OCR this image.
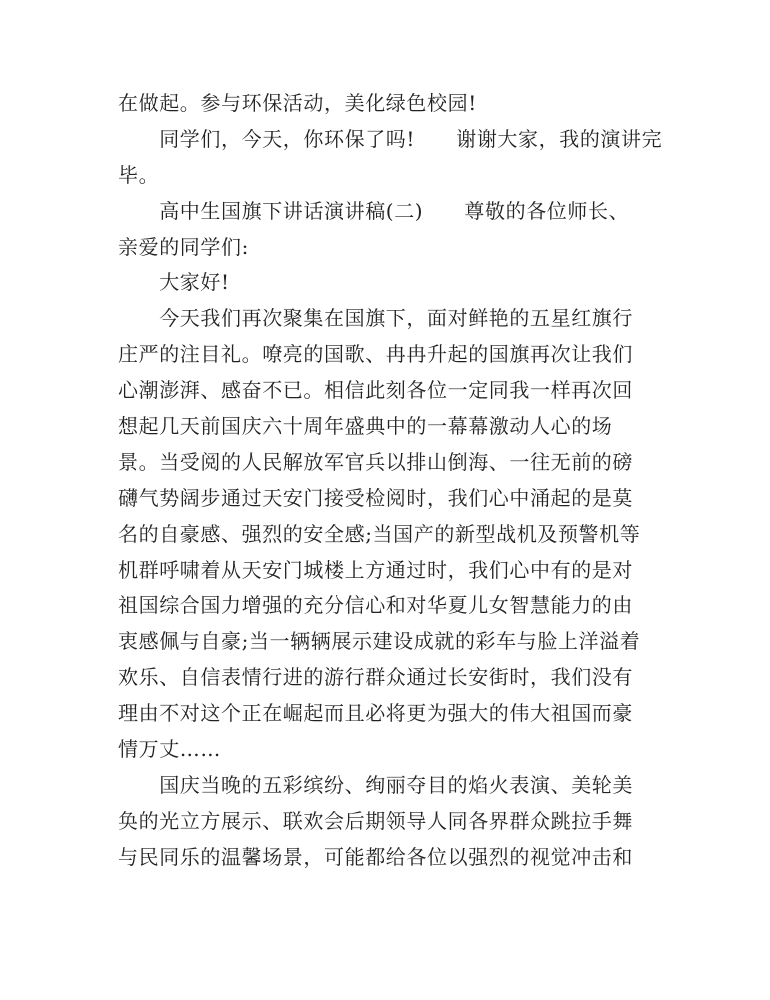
在做起。参与环保活动，美化绿色校园!
　　同学们，今天，你环保了吗!　　谢谢大家，我的演讲完
毕。
　　高中生国旗下讲话演讲稿(二)　　尊敬的各位师长、
亲爱的同学们:
　　大家好!
　　今天我们再次聚集在国旗下，面对鲜艳的五星红旗行
庄严的注目礼。嘹亮的国歌、冉冉升起的国旗再次让我们
心潮澎湃、感奋不已。相信此刻各位一定同我一样再次回
想起几天前国庆六十周年盛典中的一幕幕激动人心的场
景。当受阅的人民解放军官兵以排山倒海、一往无前的磅
礴气势阔步通过天安门接受检阅时，我们心中涌起的是莫
名的自豪感、强烈的安全感;当国产的新型战机及预警机等
机群呼啸着从天安门城楼上方通过时，我们心中有的是对
祖国综合国力增强的充分信心和对华夏儿女智慧能力的由
衷感佩与自豪;当一辆辆展示建设成就的彩车与脸上洋溢着
欢乐、自信表情行进的游行群众通过长安街时，我们没有
理由不对这个正在崛起而且必将更为强大的伟大祖国而豪
情万丈……
　　国庆当晚的五彩缤纷、绚丽夺目的焰火表演、美轮美
奂的光立方展示、联欢会后期领导人同各界群众跳拉手舞
与民同乐的温馨场景，可能都给各位以强烈的视觉冲击和
